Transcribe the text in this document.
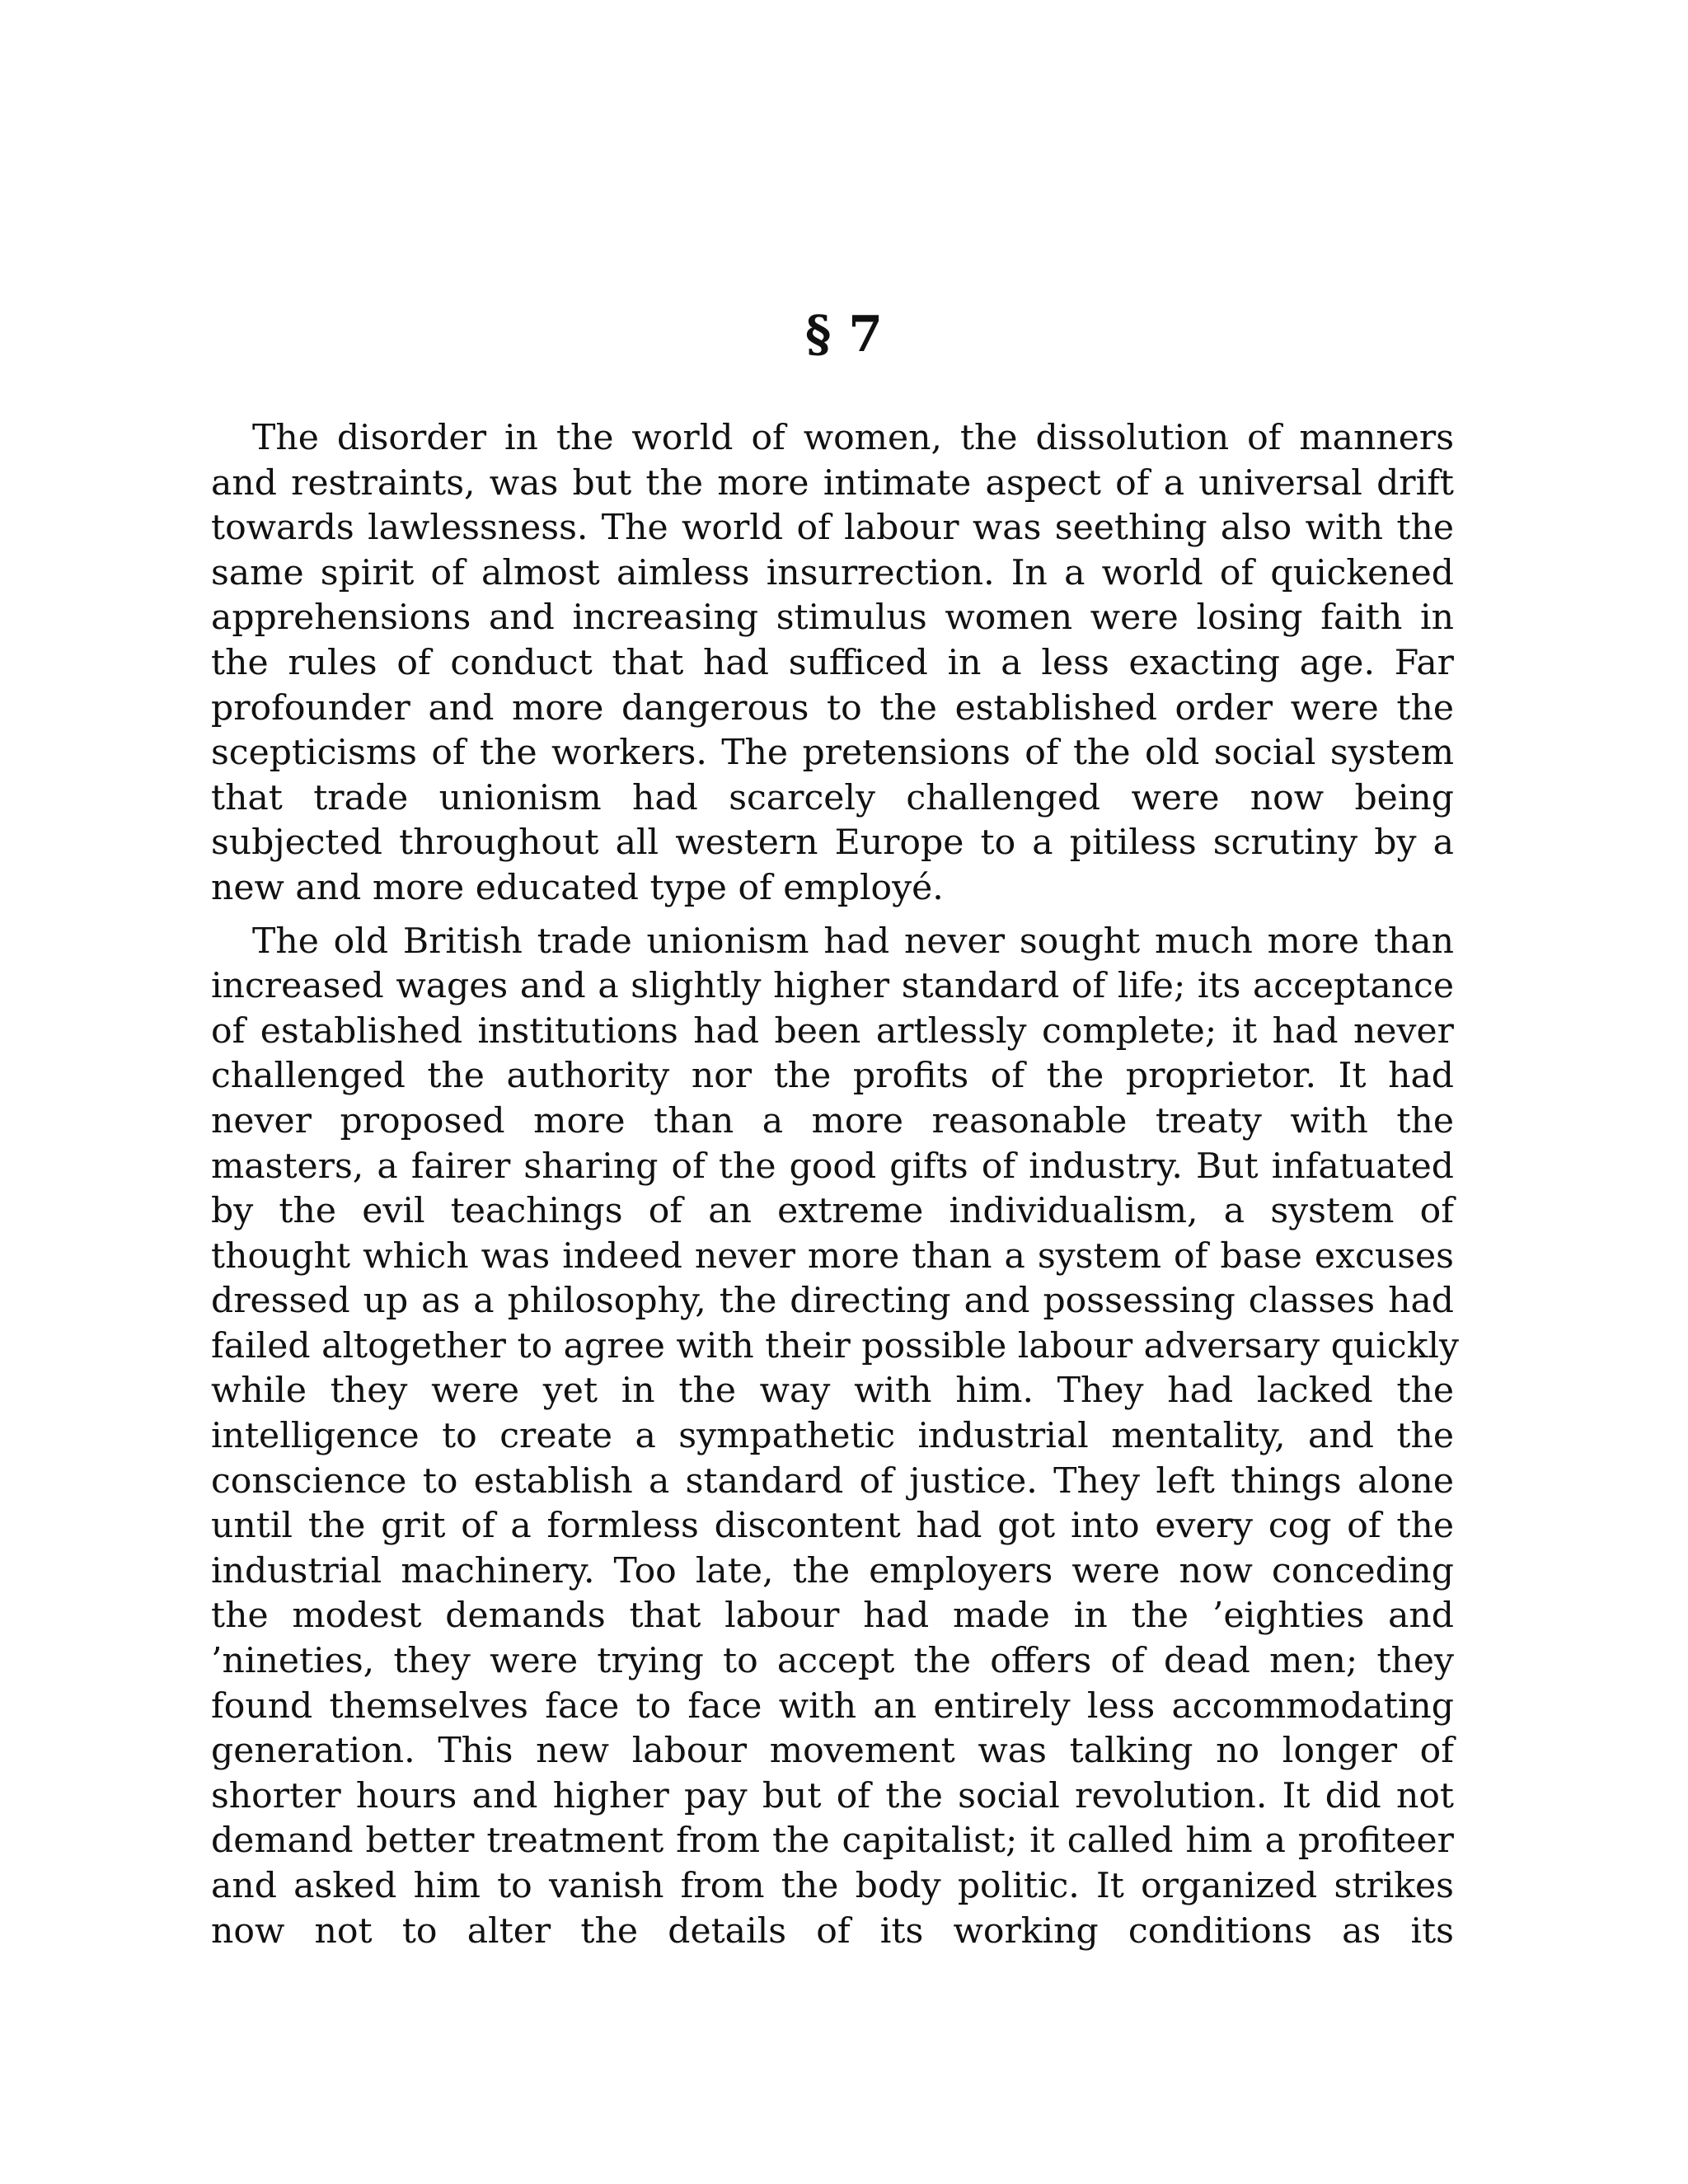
§ 7

The disorder in the world of women, the dissolution of manners
and restraints, was but the more intimate aspect of a universal drift
towards lawlessness. The world of labour was seething also with the
same spirit of almost aimless insurrection. In a world of quickened
apprehensions and increasing stimulus women were losing faith in
the rules of conduct that had sufficed in a less exacting age. Far
profounder and more dangerous to the established order were the
scepticisms of the workers. The pretensions of the old social system
that trade unionism had scarcely challenged were now being
subjected throughout all western Europe to a pitiless scrutiny by a
new and more educated type of employé.

The old British trade unionism had never sought much more than
increased wages and a slightly higher standard of life; its acceptance
of established institutions had been artlessly complete; it had never
challenged the authority nor the profits of the proprietor. It had
never proposed more than a more reasonable treaty with the
masters, a fairer sharing of the good gifts of industry. But infatuated
by the evil teachings of an extreme individualism, a system of
thought which was indeed never more than a system of base excuses
dressed up as a philosophy, the directing and possessing classes had
failed altogether to agree with their possible labour adversary quickly
while they were yet in the way with him. They had lacked the
intelligence to create a sympathetic industrial mentality, and the
conscience to establish a standard of justice. They left things alone
until the grit of a formless discontent had got into every cog of the
industrial machinery. Too late, the employers were now conceding
the modest demands that labour had made in the ’eighties and
’nineties, they were trying to accept the offers of dead men; they
found themselves face to face with an entirely less accommodating
generation. This new labour movement was talking no longer of
shorter hours and higher pay but of the social revolution. It did not
demand better treatment from the capitalist; it called him a profiteer
and asked him to vanish from the body politic. It organized strikes
now not to alter the details of its working conditions as its
